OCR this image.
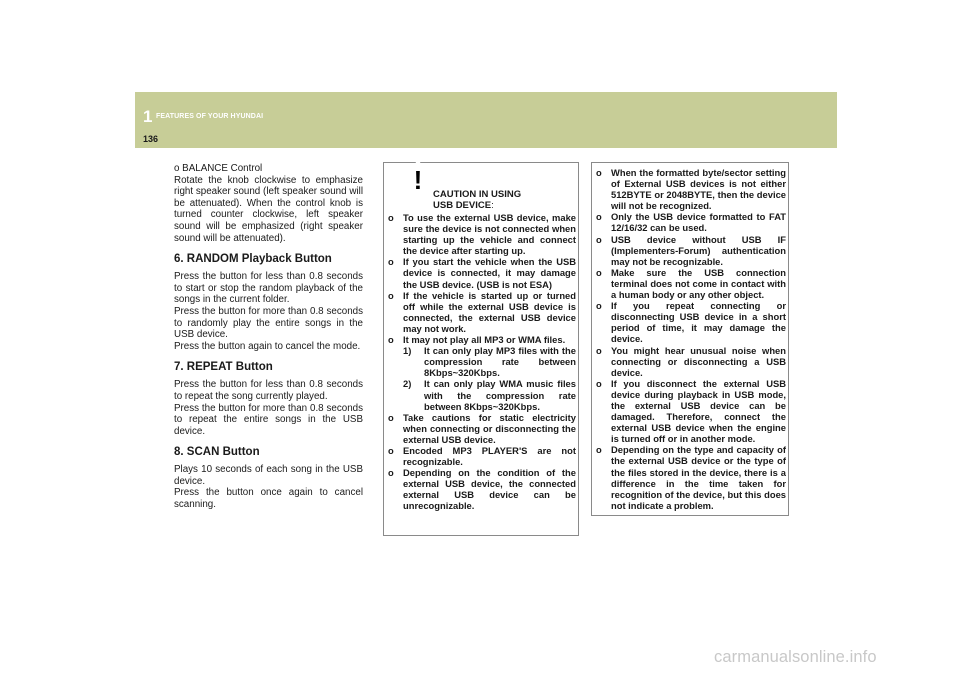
1 FEATURES OF YOUR HYUNDAI
136

o BALANCE Control

Rotate the knob clockwise to emphasize right speaker sound (left speaker sound will be attenuated). When the control knob is turned counter clockwise, left speaker sound will be emphasized (right speaker sound will be attenuated).

6. RANDOM Playback Button

Press the button for less than 0.8 seconds to start or stop the random playback of the songs in the current folder.

Press the button for more than 0.8 seconds to randomly play the entire songs in the USB device.

Press the button again to cancel the mode.

7. REPEAT Button

Press the button for less than 0.8 seconds to repeat the song currently played.

Press the button for more than 0.8 seconds to repeat the entire songs in the USB device.

8. SCAN Button

Plays 10 seconds of each song in the USB device.

Press the button once again to cancel scanning.

! CAUTION IN USING
USB DEVICE:
o To use the external USB device, make sure the device is not connected when starting up the vehicle and connect the device after starting up.
o If you start the vehicle when the USB device is connected, it may damage the USB device. (USB is not ESA)
o If the vehicle is started up or turned off while the external USB device is connected, the external USB device may not work.
o It may not play all MP3 or WMA files.
1) It can only play MP3 files with the compression rate between 8Kbps~320Kbps.
2) It can only play WMA music files with the compression rate between 8Kbps~320Kbps.
o Take cautions for static electricity when connecting or disconnecting the external USB device.
o Encoded MP3 PLAYER'S are not recognizable.
o Depending on the condition of the external USB device, the connected external USB device can be unrecognizable.
o When the formatted byte/sector setting of External USB devices is not either 512BYTE or 2048BYTE, then the device will not be recognized.
o Only the USB device formatted to FAT 12/16/32 can be used.
o USB device without USB IF (Implementers-Forum) authentication may not be recognizable.
o Make sure the USB connection terminal does not come in contact with a human body or any other object.
o If you repeat connecting or disconnecting USB device in a short period of time, it may damage the device.
o You might hear unusual noise when connecting or disconnecting a USB device.
o If you disconnect the external USB device during playback in USB mode, the external USB device can be damaged. Therefore, connect the external USB device when the engine is turned off or in another mode.
o Depending on the type and capacity of the external USB device or the type of the files stored in the device, there is a difference in the time taken for recognition of the device, but this does not indicate a problem.
carmanualsonline.info
